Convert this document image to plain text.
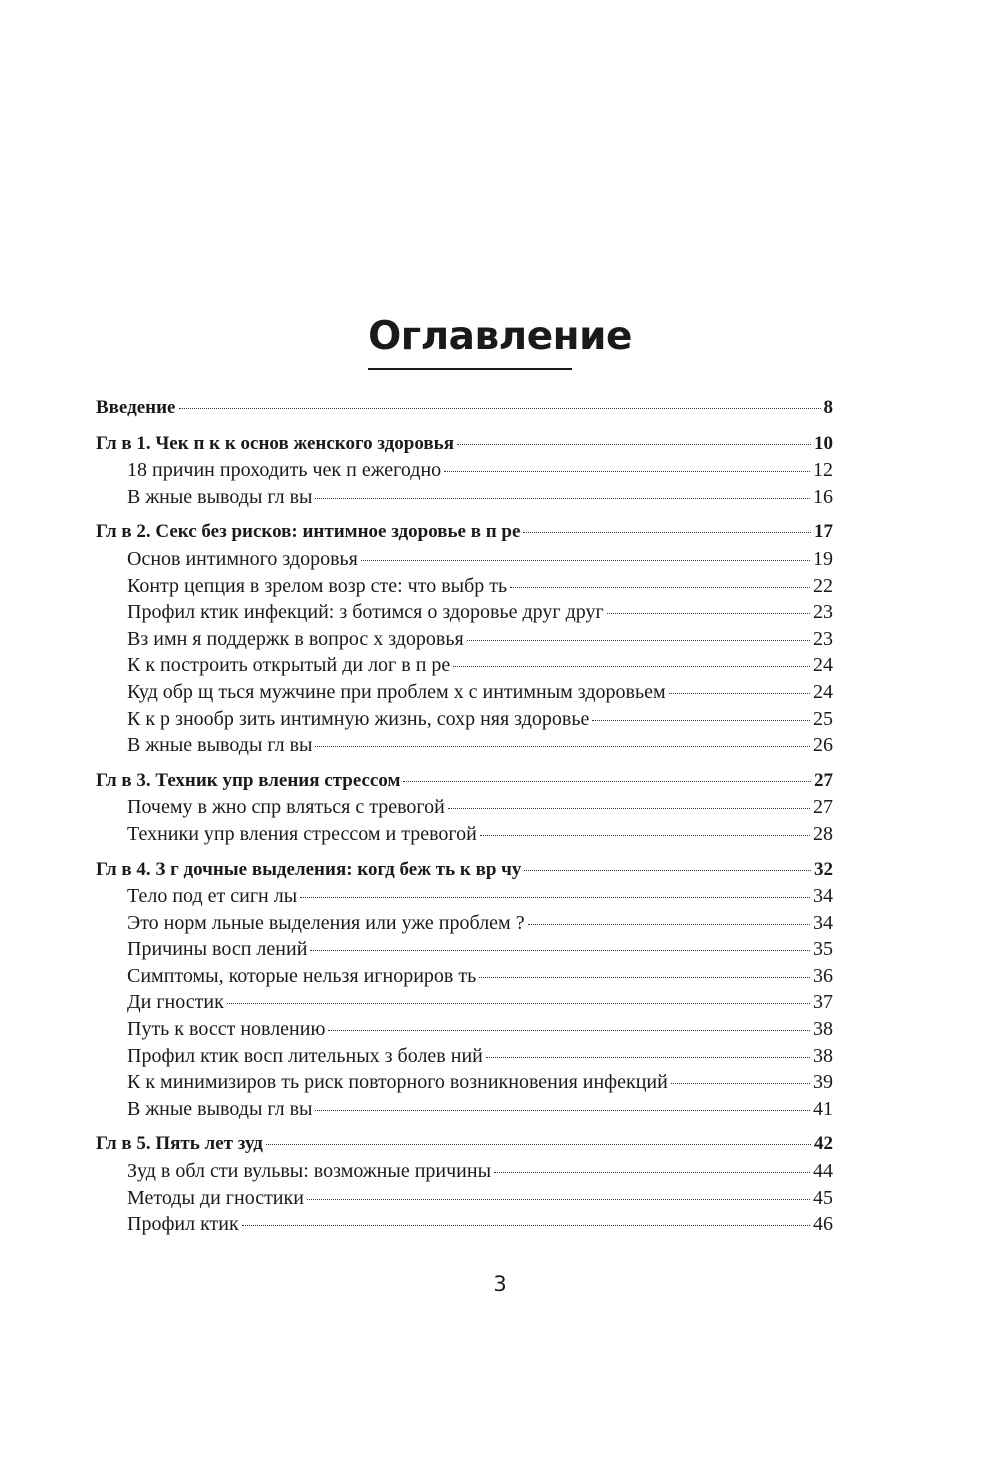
Оглавление
Введение	8
Гл в 1. Чек п к к основ женского здоровья	10
18 причин проходить чек п ежегодно	12
В жные выводы гл вы	16
Гл в 2. Секс без рисков: интимное здоровье в п ре	17
Основ интимного здоровья	19
Контр цепция в зрелом возр сте: что выбр ть	22
Профил ктик инфекций: з ботимся о здоровье друг друг	23
Вз имн я поддержк в вопрос х здоровья	23
К к построить открытый ди лог в п ре	24
Куд обр щ ться мужчине при проблем х с интимным здоровьем	24
К к р знообр зить интимную жизнь, сохр няя здоровье	25
В жные выводы гл вы	26
Гл в 3. Техник упр вления стрессом	27
Почему в жно спр вляться с тревогой	27
Техники упр вления стрессом и тревогой	28
Гл в 4. З г дочные выделения: когд беж ть к вр чу	32
Тело под ет сигн лы	34
Это норм льные выделения или уже проблем ?	34
Причины восп лений	35
Симптомы, которые нельзя игнориров ть	36
Ди гностик	37
Путь к восст новлению	38
Профил ктик восп лительных з болев ний	38
К к минимизиров ть риск повторного возникновения инфекций	39
В жные выводы гл вы	41
Гл в 5. Пять лет зуд	42
Зуд в обл сти вульвы: возможные причины	44
Методы ди гностики	45
Профил ктик	46
3
